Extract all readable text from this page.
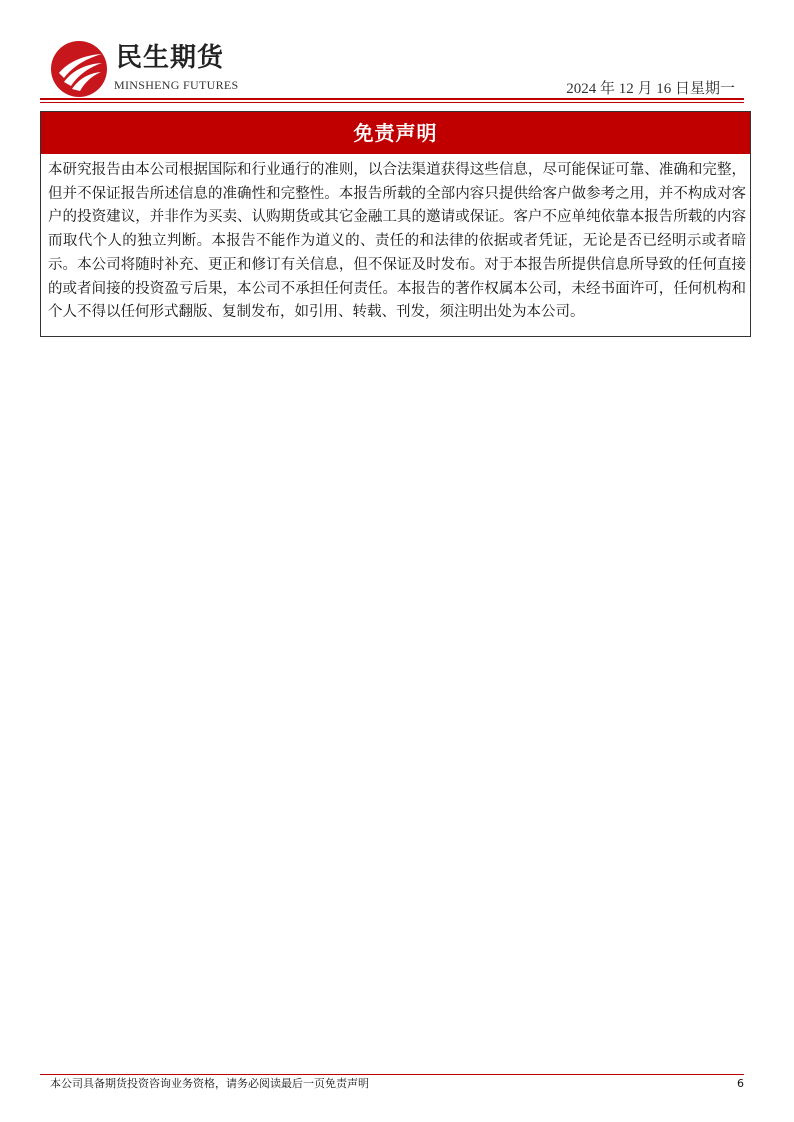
民生期货
MINSHENG FUTURES	2024 年 12 月 16 日星期一
免责声明
本研究报告由本公司根据国际和行业通行的准则，以合法渠道获得这些信息，尽可能保证可靠、准确和完整，但并不保证报告所述信息的准确性和完整性。本报告所载的全部内容只提供给客户做参考之用，并不构成对客户的投资建议，并非作为买卖、认购期货或其它金融工具的邀请或保证。客户不应单纯依靠本报告所载的内容而取代个人的独立判断。本报告不能作为道义的、责任的和法律的依据或者凭证，无论是否已经明示或者暗示。本公司将随时补充、更正和修订有关信息，但不保证及时发布。对于本报告所提供信息所导致的任何直接的或者间接的投资盈亏后果，本公司不承担任何责任。本报告的著作权属本公司，未经书面许可，任何机构和个人不得以任何形式翻版、复制发布，如引用、转载、刊发，须注明出处为本公司。
本公司具备期货投资咨询业务资格，请务必阅读最后一页免责声明	6
